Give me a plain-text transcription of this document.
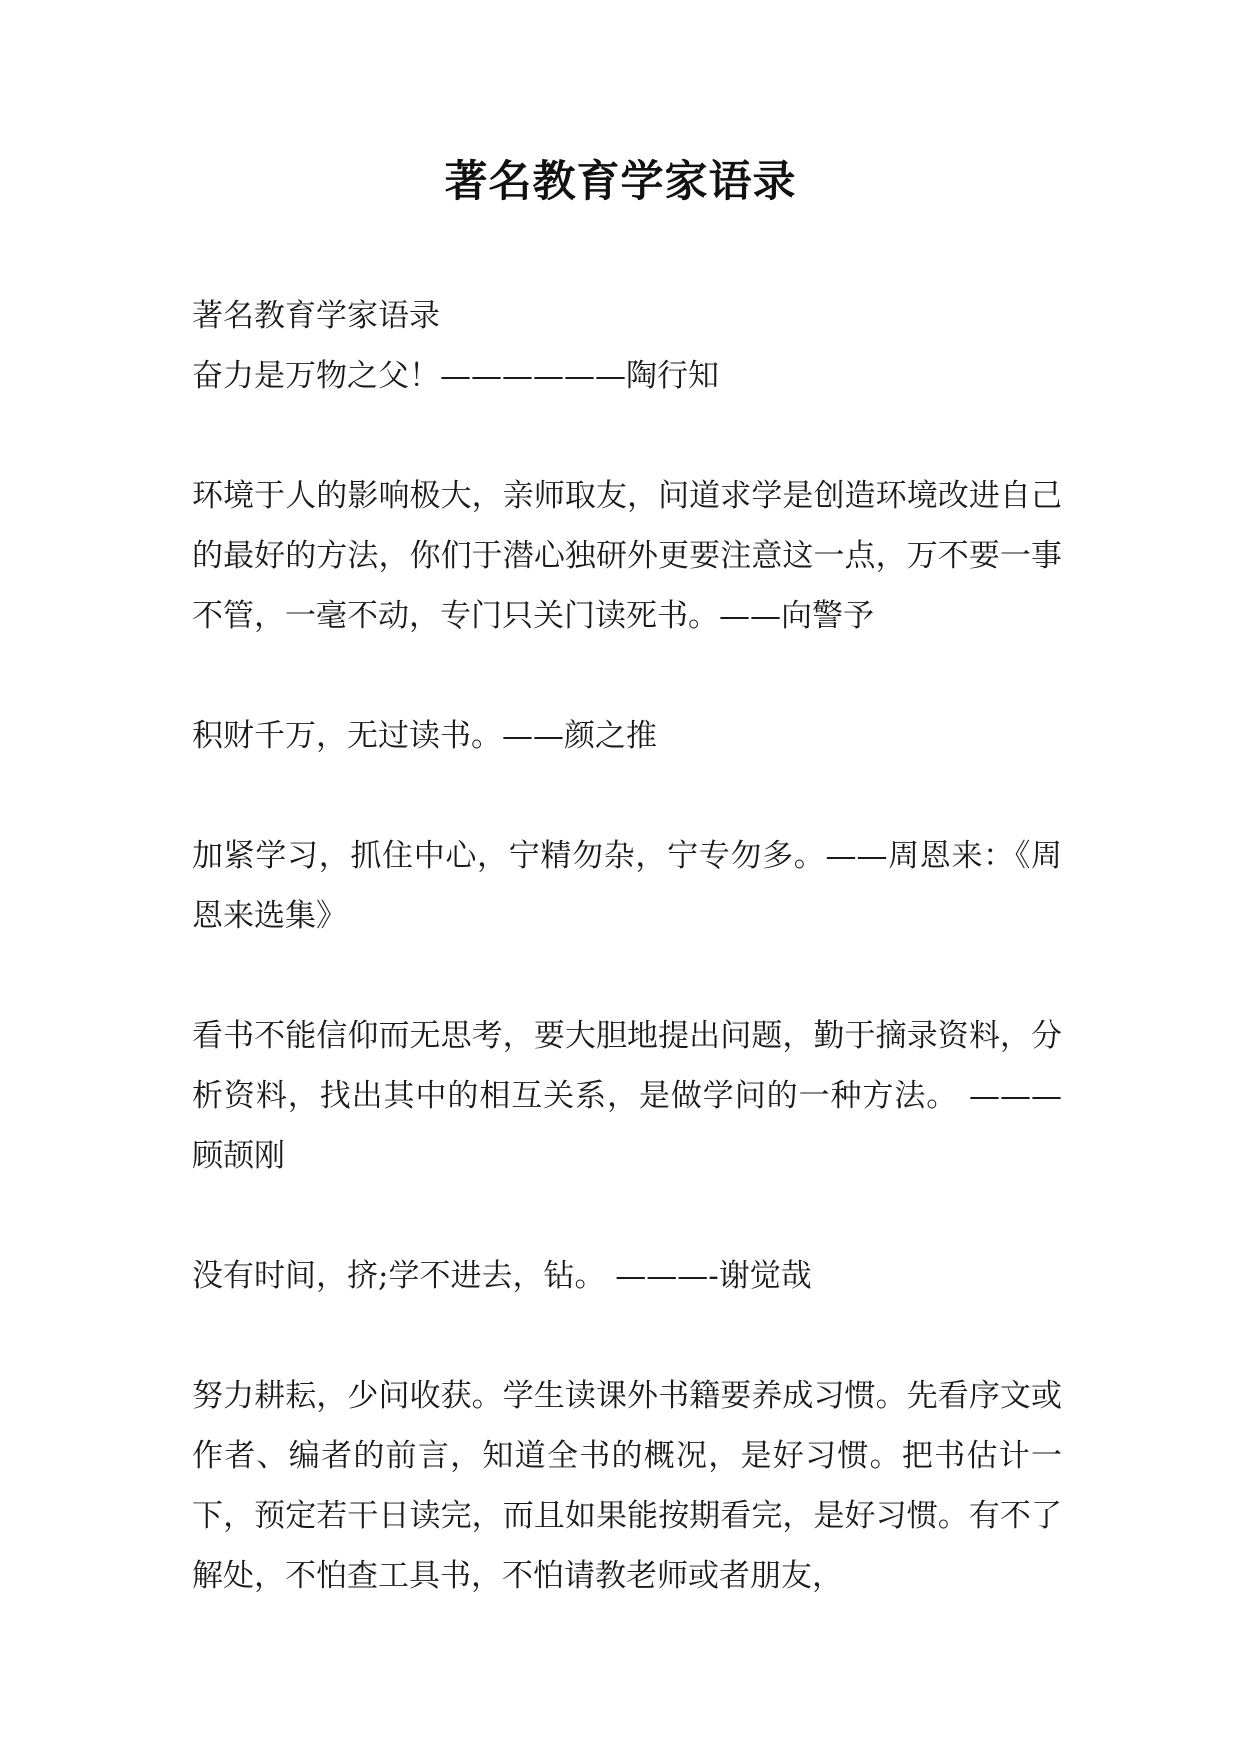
著名教育学家语录

著名教育学家语录

奋力是万物之父！——————陶行知

环境于人的影响极大，亲师取友，问道求学是创造环境改进自己的最好的方法，你们于潜心独研外更要注意这一点，万不要一事不管，一毫不动，专门只关门读死书。——向警予

积财千万，无过读书。——颜之推

加紧学习，抓住中心，宁精勿杂，宁专勿多。——周恩来：《周恩来选集》

看书不能信仰而无思考，要大胆地提出问题，勤于摘录资料，分析资料，找出其中的相互关系，是做学问的一种方法。 ———顾颉刚

没有时间，挤;学不进去，钻。 ———-谢觉哉

努力耕耘，少问收获。学生读课外书籍要养成习惯。先看序文或作者、编者的前言，知道全书的概况，是好习惯。把书估计一下，预定若干日读完，而且如果能按期看完，是好习惯。有不了解处，不怕查工具书，不怕请教老师或者朋友，
